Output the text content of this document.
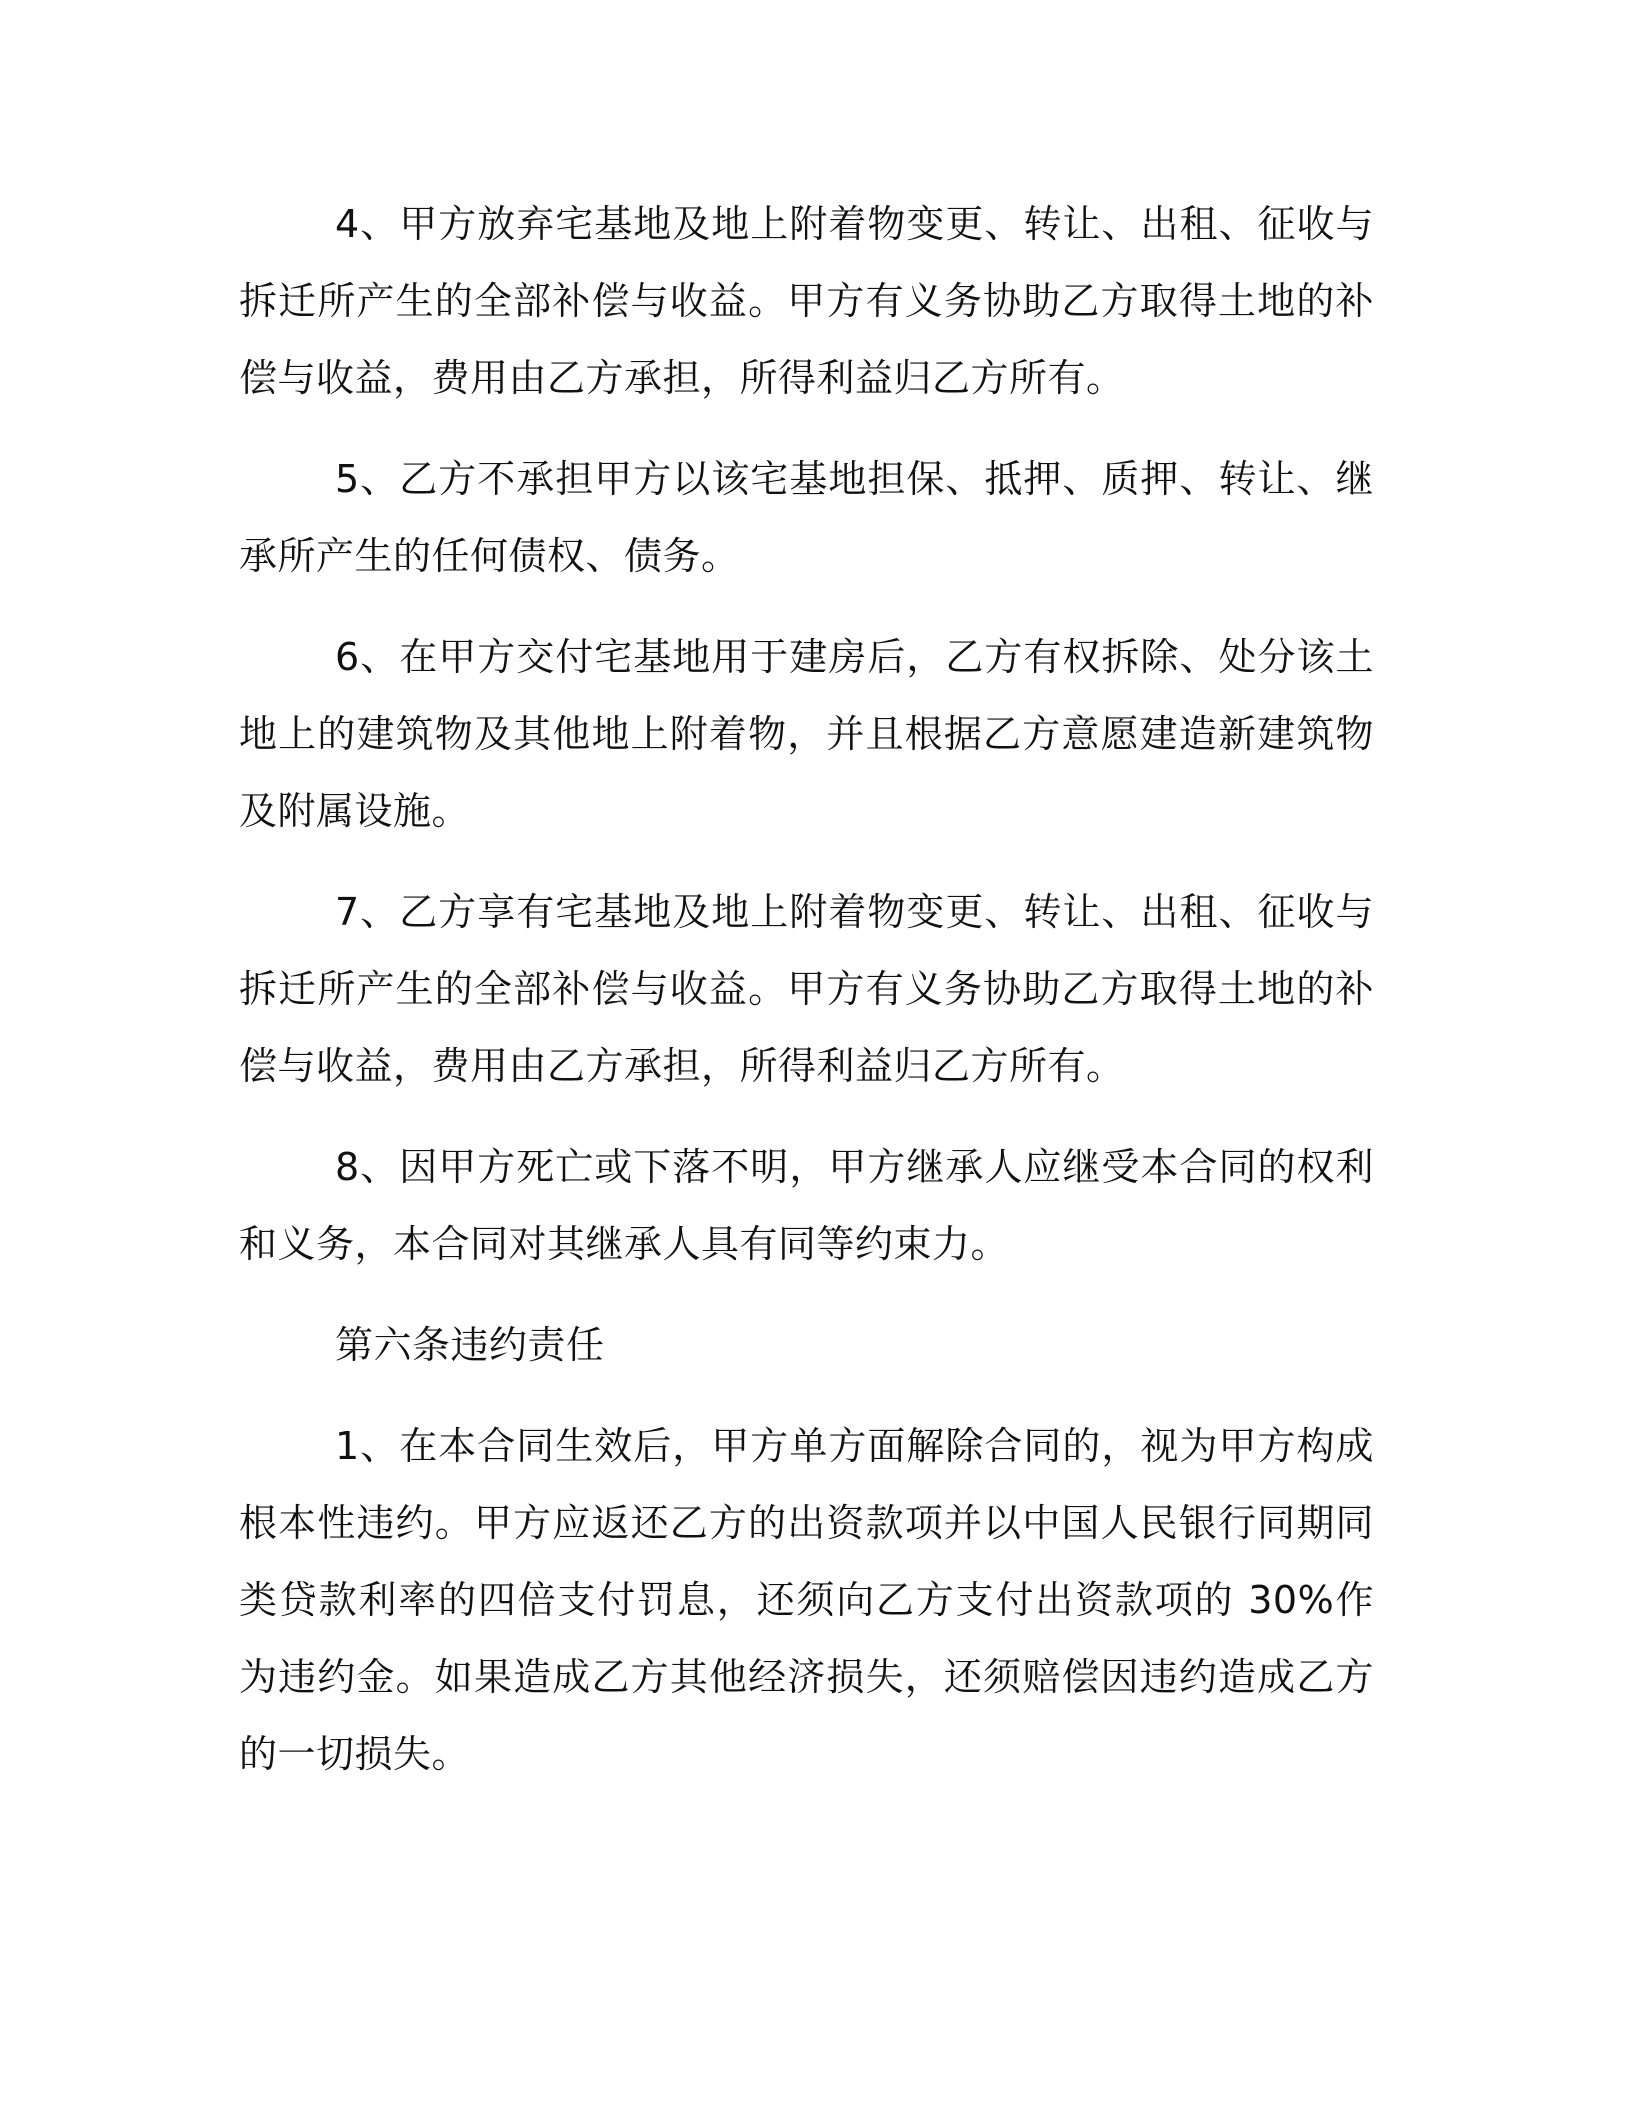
4、甲方放弃宅基地及地上附着物变更、转让、出租、征收与拆迁所产生的全部补偿与收益。甲方有义务协助乙方取得土地的补偿与收益，费用由乙方承担，所得利益归乙方所有。

5、乙方不承担甲方以该宅基地担保、抵押、质押、转让、继承所产生的任何债权、债务。

6、在甲方交付宅基地用于建房后，乙方有权拆除、处分该土地上的建筑物及其他地上附着物，并且根据乙方意愿建造新建筑物及附属设施。

7、乙方享有宅基地及地上附着物变更、转让、出租、征收与拆迁所产生的全部补偿与收益。甲方有义务协助乙方取得土地的补偿与收益，费用由乙方承担，所得利益归乙方所有。

8、因甲方死亡或下落不明，甲方继承人应继受本合同的权利和义务，本合同对其继承人具有同等约束力。

第六条违约责任

1、在本合同生效后，甲方单方面解除合同的，视为甲方构成根本性违约。甲方应返还乙方的出资款项并以中国人民银行同期同类贷款利率的四倍支付罚息，还须向乙方支付出资款项的 30%作为违约金。如果造成乙方其他经济损失，还须赔偿因违约造成乙方的一切损失。
